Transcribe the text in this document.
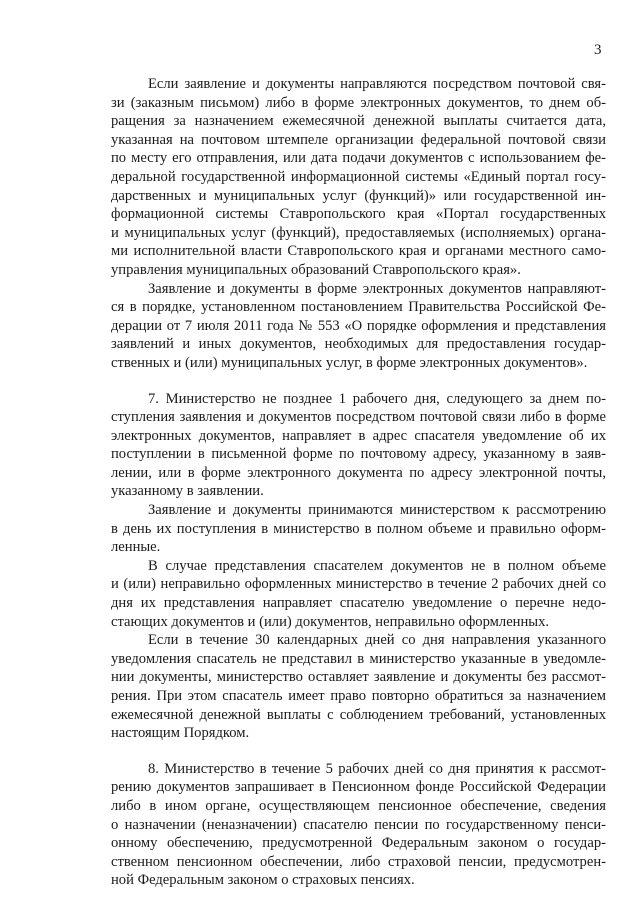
3
Если заявление и документы направляются посредством почтовой свя-
зи (заказным письмом) либо в форме электронных документов, то днем об-
ращения за назначением ежемесячной денежной выплаты считается дата,
указанная на почтовом штемпеле организации федеральной почтовой связи
по месту его отправления, или дата подачи документов с использованием фе-
деральной государственной информационной системы «Единый портал госу-
дарственных и муниципальных услуг (функций)» или государственной ин-
формационной системы Ставропольского края «Портал государственных
и муниципальных услуг (функций), предоставляемых (исполняемых) органа-
ми исполнительной власти Ставропольского края и органами местного само-
управления муниципальных образований Ставропольского края».
Заявление и документы в форме электронных документов направляют-
ся в порядке, установленном постановлением Правительства Российской Фе-
дерации от 7 июля 2011 года № 553 «О порядке оформления и представления
заявлений и иных документов, необходимых для предоставления государ-
ственных и (или) муниципальных услуг, в форме электронных документов».
7. Министерство не позднее 1 рабочего дня, следующего за днем по-
ступления заявления и документов посредством почтовой связи либо в форме
электронных документов, направляет в адрес спасателя уведомление об их
поступлении в письменной форме по почтовому адресу, указанному в заяв-
лении, или в форме электронного документа по адресу электронной почты,
указанному в заявлении.
Заявление и документы принимаются министерством к рассмотрению
в день их поступления в министерство в полном объеме и правильно оформ-
ленные.
В случае представления спасателем документов не в полном объеме
и (или) неправильно оформленных министерство в течение 2 рабочих дней со
дня их представления направляет спасателю уведомление о перечне недо-
стающих документов и (или) документов, неправильно оформленных.
Если в течение 30 календарных дней со дня направления указанного
уведомления спасатель не представил в министерство указанные в уведомле-
нии документы, министерство оставляет заявление и документы без рассмот-
рения. При этом спасатель имеет право повторно обратиться за назначением
ежемесячной денежной выплаты с соблюдением требований, установленных
настоящим Порядком.
8. Министерство в течение 5 рабочих дней со дня принятия к рассмот-
рению документов запрашивает в Пенсионном фонде Российской Федерации
либо в ином органе, осуществляющем пенсионное обеспечение, сведения
о назначении (неназначении) спасателю пенсии по государственному пенси-
онному обеспечению, предусмотренной Федеральным законом о государ-
ственном пенсионном обеспечении, либо страховой пенсии, предусмотрен-
ной Федеральным законом о страховых пенсиях.
